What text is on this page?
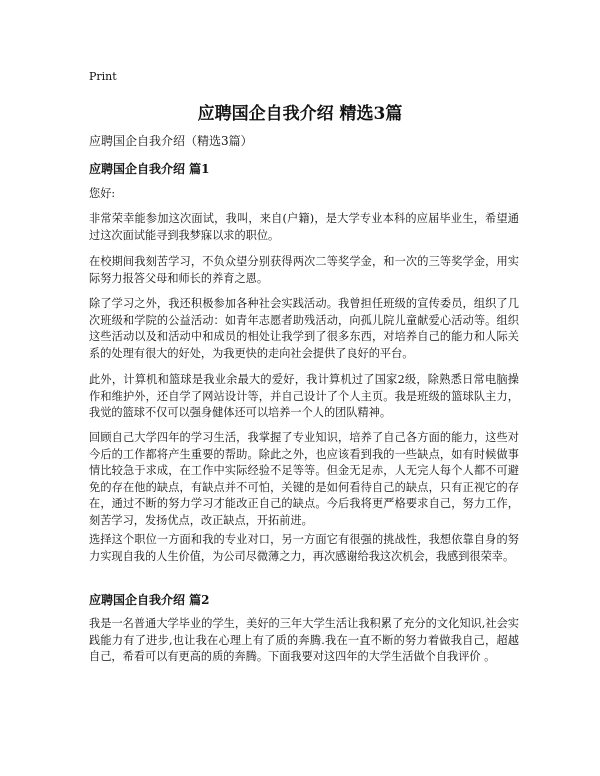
Print
应聘国企自我介绍 精选3篇
应聘国企自我介绍（精选3篇）
应聘国企自我介绍 篇1
您好:
非常荣幸能参加这次面试，我叫，来自(户籍)，是大学专业本科的应届毕业生，希望通过这次面试能寻到我梦寐以求的职位。
在校期间我刻苦学习，不负众望分别获得两次二等奖学金，和一次的三等奖学金，用实际努力报答父母和师长的养育之恩。
除了学习之外，我还积极参加各种社会实践活动。我曾担任班级的宣传委员，组织了几次班级和学院的公益活动：如青年志愿者助残活动，向孤儿院儿童献爱心活动等。组织这些活动以及和活动中和成员的相处让我学到了很多东西，对培养自己的能力和人际关系的处理有很大的好处，为我更快的走向社会提供了良好的平台。
此外，计算机和篮球是我业余最大的爱好，我计算机过了国家2级，除熟悉日常电脑操作和维护外，还自学了网站设计等，并自己设计了个人主页。我是班级的篮球队主力，我觉的篮球不仅可以强身健体还可以培养一个人的团队精神。
回顾自己大学四年的学习生活，我掌握了专业知识，培养了自己各方面的能力，这些对今后的工作都将产生重要的帮助。除此之外，也应该看到我的一些缺点，如有时候做事情比较急于求成，在工作中实际经验不足等等。但金无足赤，人无完人每个人都不可避免的存在他的缺点，有缺点并不可怕，关键的是如何看待自己的缺点，只有正视它的存在，通过不断的努力学习才能改正自己的缺点。今后我将更严格要求自己，努力工作，刻苦学习，发扬优点，改正缺点，开拓前进。
选择这个职位一方面和我的专业对口，另一方面它有很强的挑战性，我想依靠自身的努力实现自我的人生价值，为公司尽微薄之力，再次感谢给我这次机会，我感到很荣幸。
应聘国企自我介绍 篇2
我是一名普通大学毕业的学生，美好的三年大学生活让我积累了充分的文化知识,社会实践能力有了进步,也让我在心理上有了质的奔腾.我在一直不断的努力着做我自己，超越自己，希看可以有更高的质的奔腾。下面我要对这四年的大学生活做个自我评价 。
